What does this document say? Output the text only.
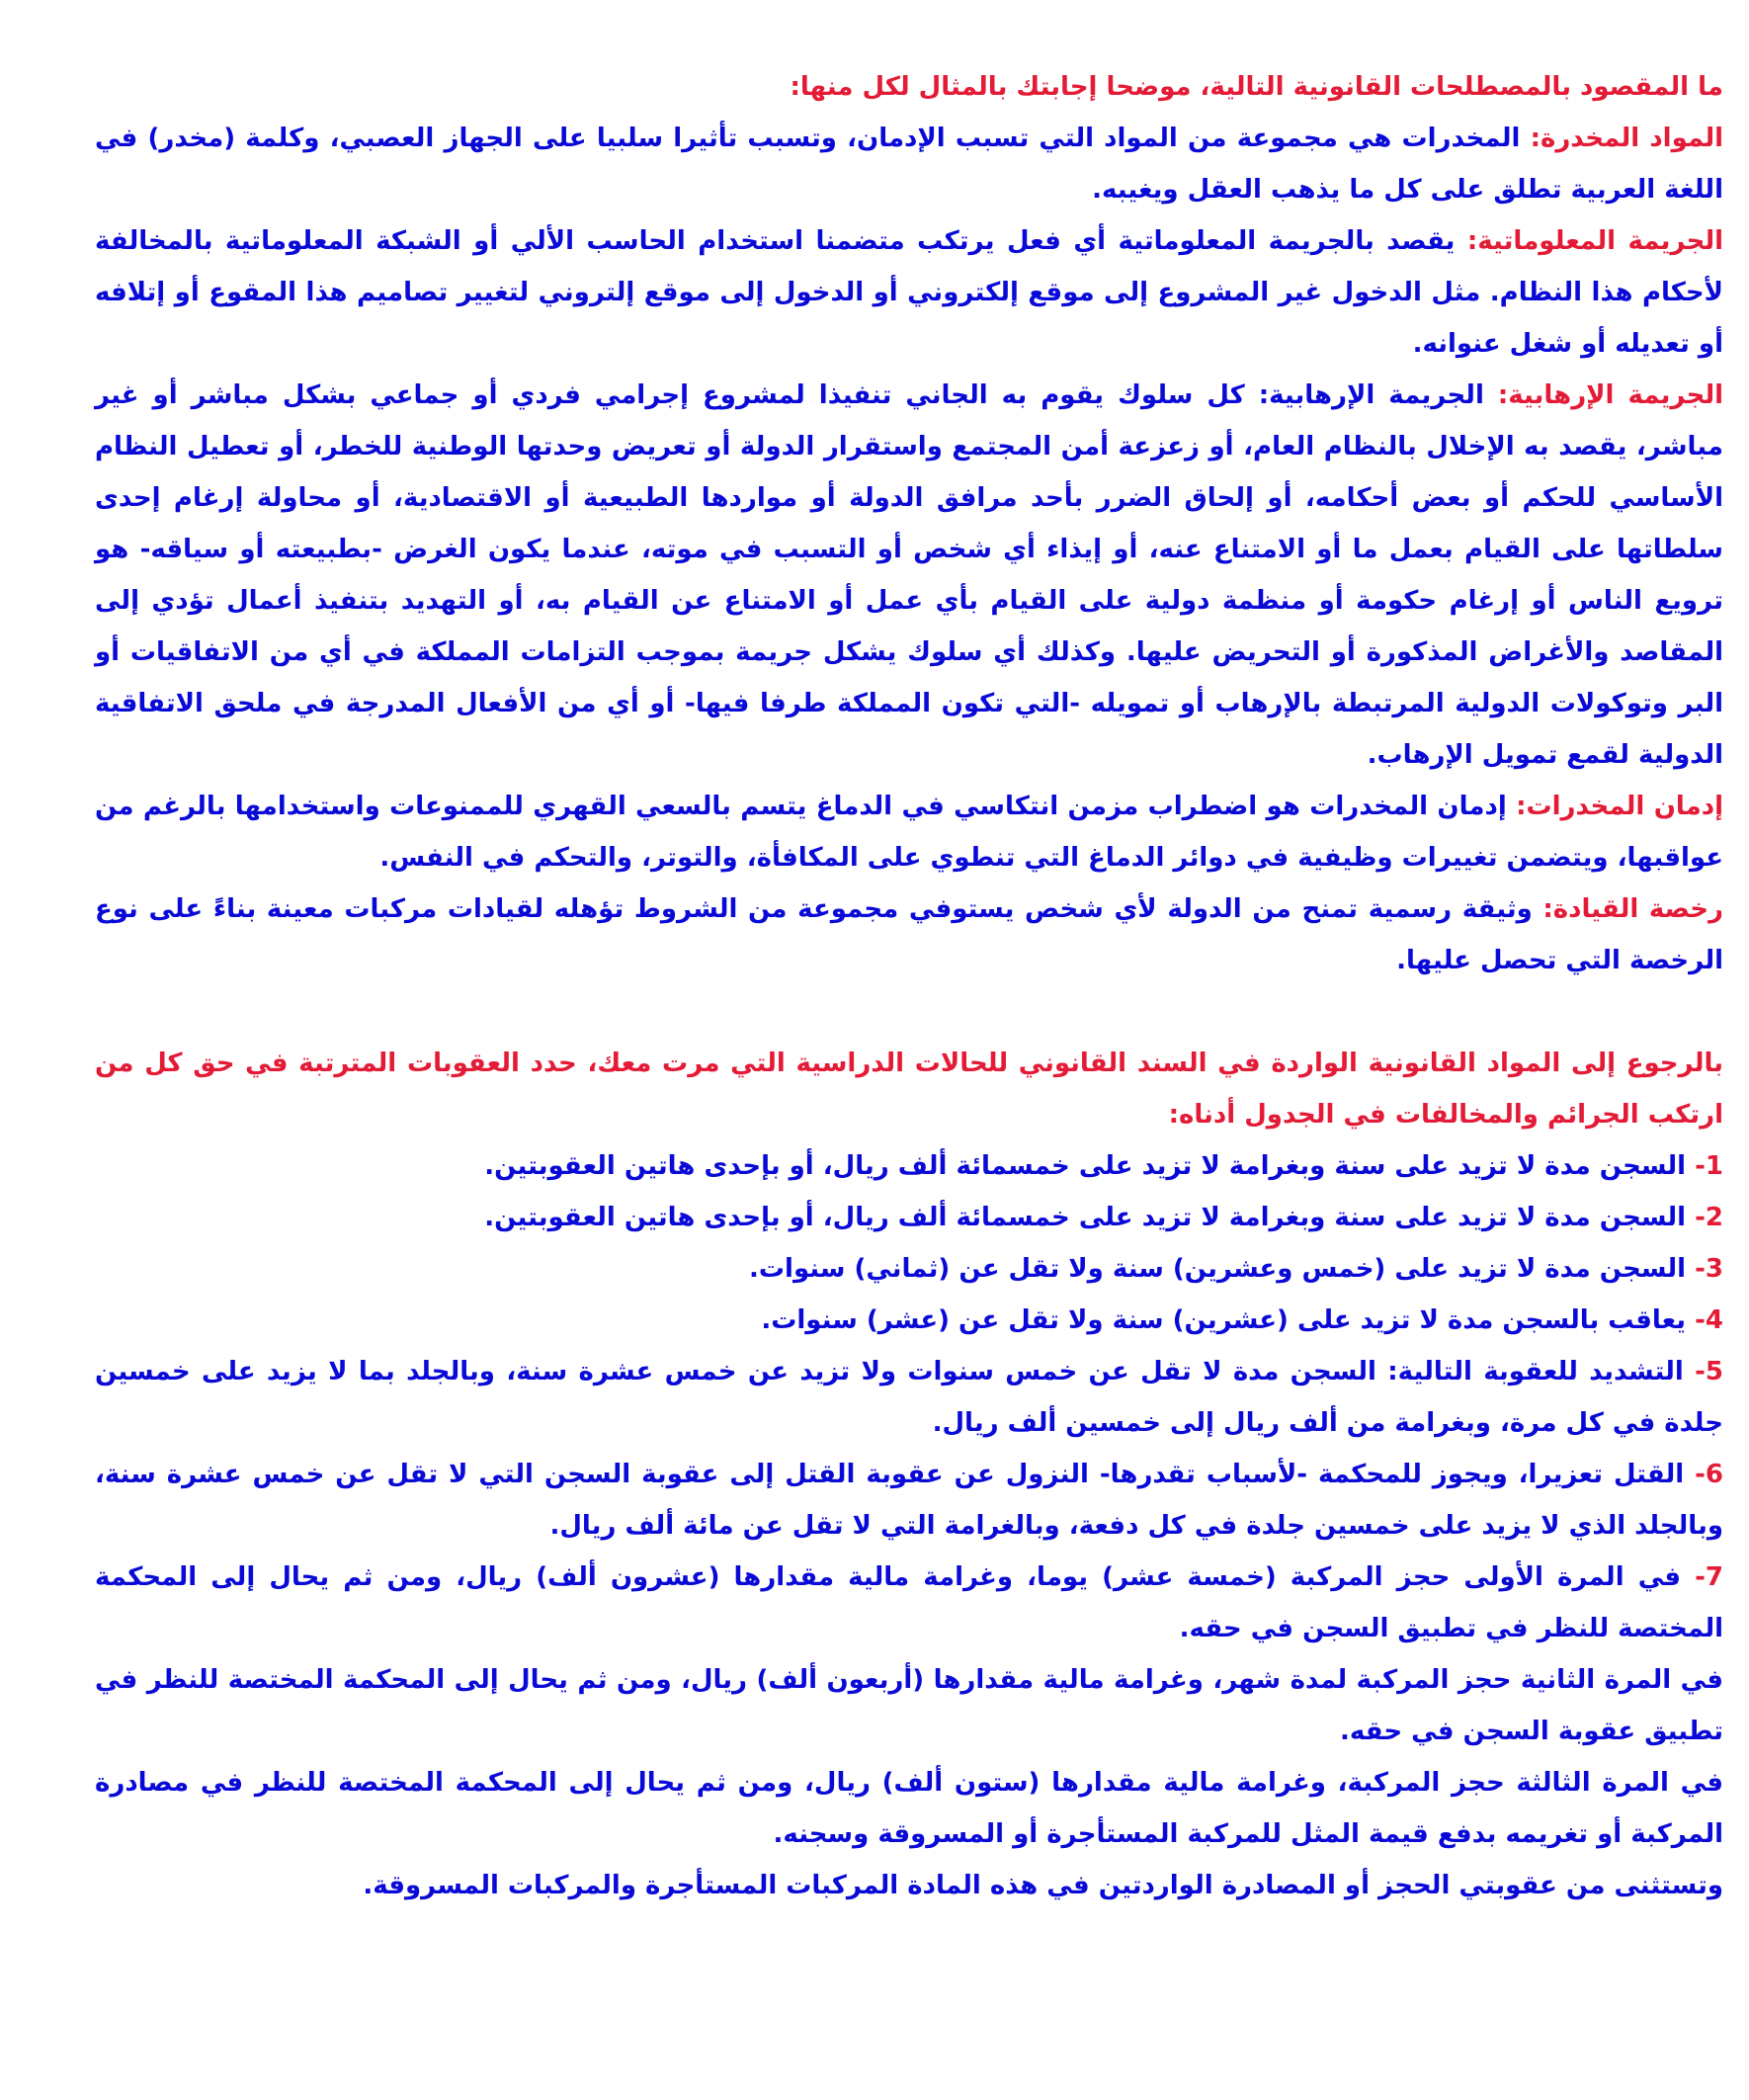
ما المقصود بالمصطلحات القانونية التالية، موضحا إجابتك بالمثال لكل منها:

المواد المخدرة: المخدرات هي مجموعة من المواد التي تسبب الإدمان، وتسبب تأثيرا سلبيا على الجهاز العصبي، وكلمة (مخدر) في اللغة العربية تطلق على كل ما يذهب العقل ويغيبه.

الجريمة المعلوماتية: يقصد بالجريمة المعلوماتية أي فعل يرتكب متضمنا استخدام الحاسب الألي أو الشبكة المعلوماتية بالمخالفة لأحكام هذا النظام. مثل الدخول غير المشروع إلى موقع إلكتروني أو الدخول إلى موقع إلتروني لتغيير تصاميم هذا المقوع أو إتلافه أو تعديله أو شغل عنوانه.

الجريمة الإرهابية: الجريمة الإرهابية: كل سلوك يقوم به الجاني تنفيذا لمشروع إجرامي فردي أو جماعي بشكل مباشر أو غير مباشر، يقصد به الإخلال بالنظام العام، أو زعزعة أمن المجتمع واستقرار الدولة أو تعريض وحدتها الوطنية للخطر، أو تعطيل النظام الأساسي للحكم أو بعض أحكامه، أو إلحاق الضرر بأحد مرافق الدولة أو مواردها الطبيعية أو الاقتصادية، أو محاولة إرغام إحدى سلطاتها على القيام بعمل ما أو الامتناع عنه، أو إيذاء أي شخص أو التسبب في موته، عندما يكون الغرض -بطبيعته أو سياقه- هو ترويع الناس أو إرغام حكومة أو منظمة دولية على القيام بأي عمل أو الامتناع عن القيام به، أو التهديد بتنفيذ أعمال تؤدي إلى المقاصد والأغراض المذكورة أو التحريض عليها. وكذلك أي سلوك يشكل جريمة بموجب التزامات المملكة في أي من الاتفاقيات أو البر وتوكولات الدولية المرتبطة بالإرهاب أو تمويله -التي تكون المملكة طرفا فيها- أو أي من الأفعال المدرجة في ملحق الاتفاقية الدولية لقمع تمويل الإرهاب.

إدمان المخدرات: إدمان المخدرات هو اضطراب مزمن انتكاسي في الدماغ يتسم بالسعي القهري للممنوعات واستخدامها بالرغم من عواقبها، ويتضمن تغييرات وظيفية في دوائر الدماغ التي تنطوي على المكافأة، والتوتر، والتحكم في النفس.

رخصة القيادة: وثيقة رسمية تمنح من الدولة لأي شخص يستوفي مجموعة من الشروط تؤهله لقيادات مركبات معينة بناءً على نوع الرخصة التي تحصل عليها.

بالرجوع إلى المواد القانونية الواردة في السند القانوني للحالات الدراسية التي مرت معك، حدد العقوبات المترتبة في حق كل من ارتكب الجرائم والمخالفات في الجدول أدناه:

1- السجن مدة لا تزيد على سنة وبغرامة لا تزيد على خمسمائة ألف ريال، أو بإحدى هاتين العقوبتين.

2- السجن مدة لا تزيد على سنة وبغرامة لا تزيد على خمسمائة ألف ريال، أو بإحدى هاتين العقوبتين.

3- السجن مدة لا تزيد على (خمس وعشرين) سنة ولا تقل عن (ثماني) سنوات.

4- يعاقب بالسجن مدة لا تزيد على (عشرين) سنة ولا تقل عن (عشر) سنوات.

5- التشديد للعقوبة التالية: السجن مدة لا تقل عن خمس سنوات ولا تزيد عن خمس عشرة سنة، وبالجلد بما لا يزيد على خمسين جلدة في كل مرة، وبغرامة من ألف ريال إلى خمسين ألف ريال.

6- القتل تعزيرا، ويجوز للمحكمة -لأسباب تقدرها- النزول عن عقوبة القتل إلى عقوبة السجن التي لا تقل عن خمس عشرة سنة، وبالجلد الذي لا يزيد على خمسين جلدة في كل دفعة، وبالغرامة التي لا تقل عن مائة ألف ريال.

7- في المرة الأولى حجز المركبة (خمسة عشر) يوما، وغرامة مالية مقدارها (عشرون ألف) ريال، ومن ثم يحال إلى المحكمة المختصة للنظر في تطبيق السجن في حقه.

في المرة الثانية حجز المركبة لمدة شهر، وغرامة مالية مقدارها (أربعون ألف) ريال، ومن ثم يحال إلى المحكمة المختصة للنظر في تطبيق عقوبة السجن في حقه.

في المرة الثالثة حجز المركبة، وغرامة مالية مقدارها (ستون ألف) ريال، ومن ثم يحال إلى المحكمة المختصة للنظر في مصادرة المركبة أو تغريمه بدفع قيمة المثل للمركبة المستأجرة أو المسروقة وسجنه.

وتستثنى من عقوبتي الحجز أو المصادرة الواردتين في هذه المادة المركبات المستأجرة والمركبات المسروقة.
